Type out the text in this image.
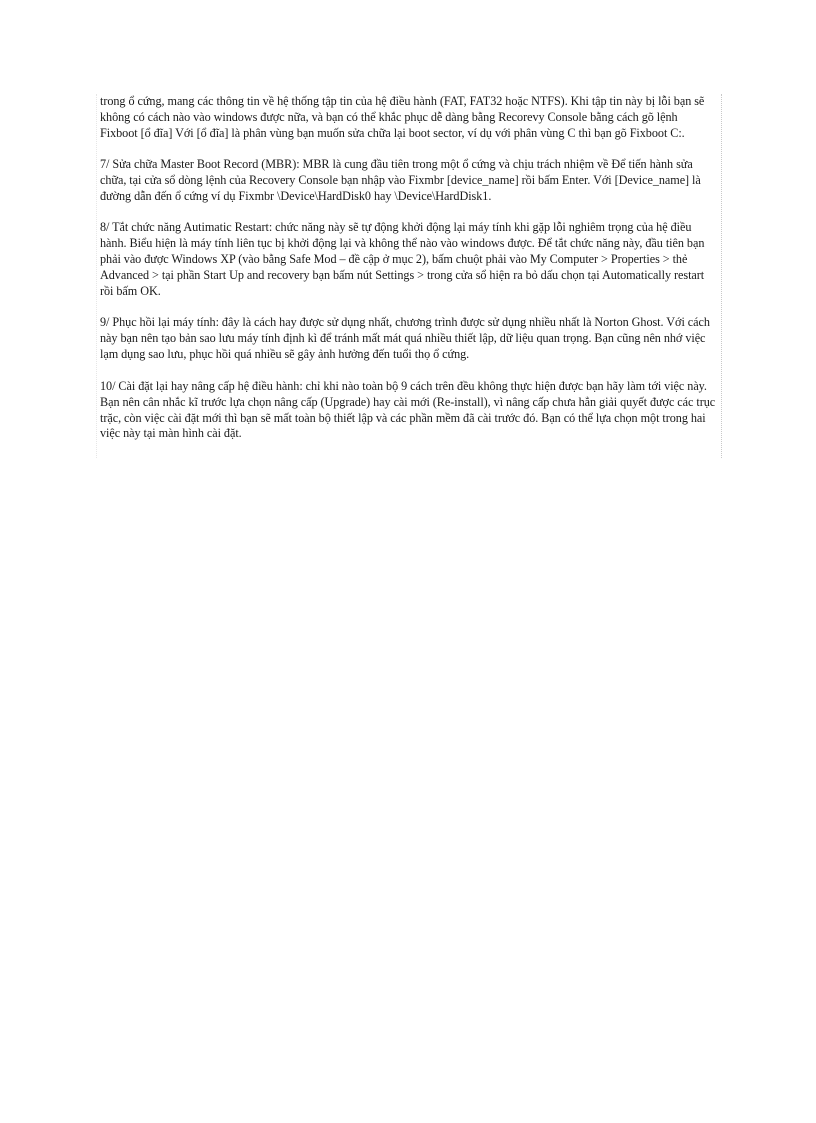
trong ổ cứng, mang các thông tin về hệ thống tập tin của hệ điều hành (FAT, FAT32 hoặc NTFS). Khi tập tin này bị lỗi bạn sẽ không có cách nào vào windows được nữa, và bạn có thể khắc phục dễ dàng bằng Recorevy Console bằng cách gõ lệnh Fixboot [ổ đĩa] Với [ổ đĩa] là phân vùng bạn muốn sửa chữa lại boot sector, ví dụ với phân vùng C thì bạn gõ Fixboot C:.

7/ Sửa chữa Master Boot Record (MBR): MBR là cung đầu tiên trong một ổ cứng và chịu trách nhiệm về Để tiến hành sửa chữa, tại cửa sổ dòng lệnh của Recovery Console bạn nhập vào Fixmbr [device_name] rồi bấm Enter. Với [Device_name] là đường dẫn đến ổ cứng ví dụ Fixmbr \Device\HardDisk0 hay \Device\HardDisk1.

8/ Tắt chức năng Autimatic Restart: chức năng này sẽ tự động khởi động lại máy tính khi gặp lỗi nghiêm trọng của hệ điều hành. Biểu hiện là máy tính liên tục bị khởi động lại và không thể nào vào windows được. Để tắt chức năng này, đầu tiên bạn phải vào được Windows XP (vào bằng Safe Mod – đề cập ở mục 2), bấm chuột phải vào My Computer > Properties > thẻ Advanced > tại phần Start Up and recovery bạn bấm nút Settings > trong cửa sổ hiện ra bỏ dấu chọn tại Automatically restart rồi bấm OK.

9/ Phục hồi lại máy tính: đây là cách hay được sử dụng nhất, chương trình được sử dụng nhiều nhất là Norton Ghost. Với cách này bạn nên tạo bản sao lưu máy tính định kì để tránh mất mát quá nhiều thiết lập, dữ liệu quan trọng. Bạn cũng nên nhớ việc lạm dụng sao lưu, phục hồi quá nhiều sẽ gây ảnh hưởng đến tuổi thọ ổ cứng.

10/ Cài đặt lại hay nâng cấp hệ điều hành: chỉ khi nào toàn bộ 9 cách trên đều không thực hiện được bạn hãy làm tới việc này. Bạn nên cân nhắc kĩ trước lựa chọn nâng cấp (Upgrade) hay cài mới (Re-install), vì nâng cấp chưa hẳn giải quyết được các trục trặc, còn việc cài đặt mới thì bạn sẽ mất toàn bộ thiết lập và các phần mềm đã cài trước đó. Bạn có thể lựa chọn một trong hai việc này tại màn hình cài đặt.
